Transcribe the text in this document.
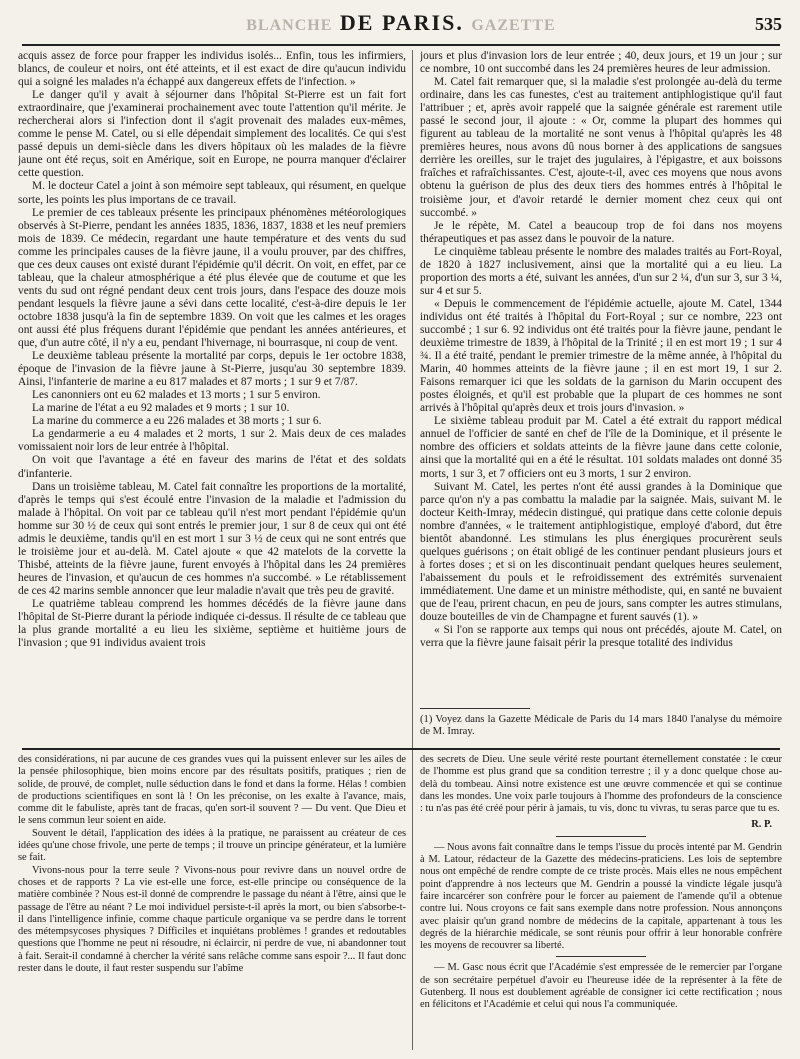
BLANCHE DE PARIS. GAZETTE	535

acquis assez de force pour frapper les individus isolés... Enfin, tous les infirmiers, blancs, de couleur et noirs, ont été atteints, et il est exact de dire qu'aucun individu qui a soigné les malades n'a échappé aux dangereux effets de l'infection. »

Le danger qu'il y avait à séjourner dans l'hôpital St-Pierre est un fait fort extraordinaire, que j'examinerai prochainement avec toute l'attention qu'il mérite. Je rechercherai alors si l'infection dont il s'agit provenait des malades eux-mêmes, comme le pense M. Catel, ou si elle dépendait simplement des localités. Ce qui s'est passé depuis un demi-siècle dans les divers hôpitaux où les malades de la fièvre jaune ont été reçus, soit en Amérique, soit en Europe, ne pourra manquer d'éclairer cette question.

M. le docteur Catel a joint à son mémoire sept tableaux, qui résument, en quelque sorte, les points les plus importans de ce travail.

Le premier de ces tableaux présente les principaux phénomènes météorologiques observés à St-Pierre, pendant les années 1835, 1836, 1837, 1838 et les neuf premiers mois de 1839. Ce médecin, regardant une haute température et des vents du sud comme les principales causes de la fièvre jaune, il a voulu prouver, par des chiffres, que ces deux causes ont existé durant l'épidémie qu'il décrit. On voit, en effet, par ce tableau, que la chaleur atmosphérique a été plus élevée que de coutume et que les vents du sud ont régné pendant deux cent trois jours, dans l'espace des douze mois pendant lesquels la fièvre jaune a sévi dans cette localité, c'est-à-dire depuis le 1er octobre 1838 jusqu'à la fin de septembre 1839. On voit que les calmes et les orages ont aussi été plus fréquens durant l'épidémie que pendant les années antérieures, et que, d'un autre côté, il n'y a eu, pendant l'hivernage, ni bourrasque, ni coup de vent.

Le deuxième tableau présente la mortalité par corps, depuis le 1er octobre 1838, époque de l'invasion de la fièvre jaune à St-Pierre, jusqu'au 30 septembre 1839. Ainsi, l'infanterie de marine a eu 817 malades et 87 morts ; 1 sur 9 et 7/87.

Les canonniers ont eu 62 malades et 13 morts ; 1 sur 5 environ.

La marine de l'état a eu 92 malades et 9 morts ; 1 sur 10.

La marine du commerce a eu 226 malades et 38 morts ; 1 sur 6.

La gendarmerie a eu 4 malades et 2 morts, 1 sur 2. Mais deux de ces malades vomissaient noir lors de leur entrée à l'hôpital.

On voit que l'avantage a été en faveur des marins de l'état et des soldats d'infanterie.

Dans un troisième tableau, M. Catel fait connaître les proportions de la mortalité, d'après le temps qui s'est écoulé entre l'invasion de la maladie et l'admission du malade à l'hôpital. On voit par ce tableau qu'il n'est mort pendant l'épidémie qu'un homme sur 30 ½ de ceux qui sont entrés le premier jour, 1 sur 8 de ceux qui ont été admis le deuxième, tandis qu'il en est mort 1 sur 3 ½ de ceux qui ne sont entrés que le troisième jour et au-delà. M. Catel ajoute « que 42 matelots de la corvette la Thisbé, atteints de la fièvre jaune, furent envoyés à l'hôpital dans les 24 premières heures de l'invasion, et qu'aucun de ces hommes n'a succombé. » Le rétablissement de ces 42 marins semble annoncer que leur maladie n'avait que très peu de gravité.

Le quatrième tableau comprend les hommes décédés de la fièvre jaune dans l'hôpital de St-Pierre durant la période indiquée ci-dessus. Il résulte de ce tableau que la plus grande mortalité a eu lieu les sixième, septième et huitième jours de l'invasion ; que 91 individus avaient trois

jours et plus d'invasion lors de leur entrée ; 40, deux jours, et 19 un jour ; sur ce nombre, 10 ont succombé dans les 24 premières heures de leur admission.

M. Catel fait remarquer que, si la maladie s'est prolongée au-delà du terme ordinaire, dans les cas funestes, c'est au traitement antiphlogistique qu'il faut l'attribuer ; et, après avoir rappelé que la saignée générale est rarement utile passé le second jour, il ajoute : « Or, comme la plupart des hommes qui figurent au tableau de la mortalité ne sont venus à l'hôpital qu'après les 48 premières heures, nous avons dû nous borner à des applications de sangsues derrière les oreilles, sur le trajet des jugulaires, à l'épigastre, et aux boissons fraîches et rafraîchissantes. C'est, ajoute-t-il, avec ces moyens que nous avons obtenu la guérison de plus des deux tiers des hommes entrés à l'hôpital le troisième jour, et d'avoir retardé le dernier moment chez ceux qui ont succombé. »

Je le répète, M. Catel a beaucoup trop de foi dans nos moyens thérapeutiques et pas assez dans le pouvoir de la nature.

Le cinquième tableau présente le nombre des malades traités au Fort-Royal, de 1820 à 1827 inclusivement, ainsi que la mortalité qui a eu lieu. La proportion des morts a été, suivant les années, d'un sur 2 ¼, d'un sur 3, sur 3 ¼, sur 4 et sur 5.

« Depuis le commencement de l'épidémie actuelle, ajoute M. Catel, 1344 individus ont été traités à l'hôpital du Fort-Royal ; sur ce nombre, 223 ont succombé ; 1 sur 6. 92 individus ont été traités pour la fièvre jaune, pendant le deuxième trimestre de 1839, à l'hôpital de la Trinité ; il en est mort 19 ; 1 sur 4 ¾. Il a été traité, pendant le premier trimestre de la même année, à l'hôpital du Marin, 40 hommes atteints de la fièvre jaune ; il en est mort 19, 1 sur 2. Faisons remarquer ici que les soldats de la garnison du Marin occupent des postes éloignés, et qu'il est probable que la plupart de ces hommes ne sont arrivés à l'hôpital qu'après deux et trois jours d'invasion. »

Le sixième tableau produit par M. Catel a été extrait du rapport médical annuel de l'officier de santé en chef de l'île de la Dominique, et il présente le nombre des officiers et soldats atteints de la fièvre jaune dans cette colonie, ainsi que la mortalité qui en a été le résultat. 101 soldats malades ont donné 35 morts, 1 sur 3, et 7 officiers ont eu 3 morts, 1 sur 2 environ.

Suivant M. Catel, les pertes n'ont été aussi grandes à la Dominique que parce qu'on n'y a pas combattu la maladie par la saignée. Mais, suivant M. le docteur Keith-Imray, médecin distingué, qui pratique dans cette colonie depuis nombre d'années, « le traitement antiphlogistique, employé d'abord, dut être bientôt abandonné. Les stimulans les plus énergiques procurèrent seuls quelques guérisons ; on était obligé de les continuer pendant plusieurs jours et à fortes doses ; et si on les discontinuait pendant quelques heures seulement, l'abaissement du pouls et le refroidissement des extrémités survenaient immédiatement. Une dame et un ministre méthodiste, qui, en santé ne buvaient que de l'eau, prirent chacun, en peu de jours, sans compter les autres stimulans, douze bouteilles de vin de Champagne et furent sauvés (1). »

« Si l'on se rapporte aux temps qui nous ont précédés, ajoute M. Catel, on verra que la fièvre jaune faisait périr la presque totalité des individus

(1) Voyez dans la Gazette Médicale de Paris du 14 mars 1840 l'analyse du mémoire de M. Imray.

des considérations, ni par aucune de ces grandes vues qui la puissent enlever sur les ailes de la pensée philosophique, bien moins encore par des résultats positifs, pratiques ; rien de solide, de prouvé, de complet, nulle séduction dans le fond et dans la forme. Hélas ! combien de productions scientifiques en sont là ! On les préconise, on les exalte à l'avance, mais, comme dit le fabuliste, après tant de fracas, qu'en sort-il souvent ? — Du vent. Que Dieu et le sens commun leur soient en aide.

Souvent le détail, l'application des idées à la pratique, ne paraissent au créateur de ces idées qu'une chose frivole, une perte de temps ; il trouve un principe générateur, et la lumière se fait.

Vivons-nous pour la terre seule ? Vivons-nous pour revivre dans un nouvel ordre de choses et de rapports ? La vie est-elle une force, est-elle principe ou conséquence de la matière combinée ? Nous est-il donné de comprendre le passage du néant à l'être, ainsi que le passage de l'être au néant ? Le moi individuel persiste-t-il après la mort, ou bien s'absorbe-t-il dans l'intelligence infinie, comme chaque particule organique va se perdre dans le torrent des métempsycoses physiques ? Difficiles et inquiétans problèmes ! grandes et redoutables questions que l'homme ne peut ni résoudre, ni éclaircir, ni perdre de vue, ni abandonner tout à fait. Serait-il condamné à chercher la vérité sans relâche comme sans espoir ?... Il faut donc rester dans le doute, il faut rester suspendu sur l'abîme

des secrets de Dieu. Une seule vérité reste pourtant éternellement constatée : le cœur de l'homme est plus grand que sa condition terrestre ; il y a donc quelque chose au-delà du tombeau. Ainsi notre existence est une œuvre commencée et qui se continue dans les mondes. Une voix parle toujours à l'homme des profondeurs de la conscience : tu n'as pas été créé pour périr à jamais, tu vis, donc tu vivras, tu seras parce que tu es.

R. P.

— Nous avons fait connaître dans le temps l'issue du procès intenté par M. Gendrin à M. Latour, rédacteur de la Gazette des médecins-praticiens. Les lois de septembre nous ont empêché de rendre compte de ce triste procès. Mais elles ne nous empêchent point d'apprendre à nos lecteurs que M. Gendrin a poussé la vindicte légale jusqu'à faire incarcérer son confrère pour le forcer au paiement de l'amende qu'il a obtenue contre lui. Nous croyons ce fait sans exemple dans notre profession. Nous annonçons avec plaisir qu'un grand nombre de médecins de la capitale, appartenant à tous les degrés de la hiérarchie médicale, se sont réunis pour offrir à leur honorable confrère les moyens de recouvrer sa liberté.

— M. Gasc nous écrit que l'Académie s'est empressée de le remercier par l'organe de son secrétaire perpétuel d'avoir eu l'heureuse idée de la représenter à la fête de Gutenberg. Il nous est doublement agréable de consigner ici cette rectification ; nous en félicitons et l'Académie et celui qui nous l'a communiquée.
